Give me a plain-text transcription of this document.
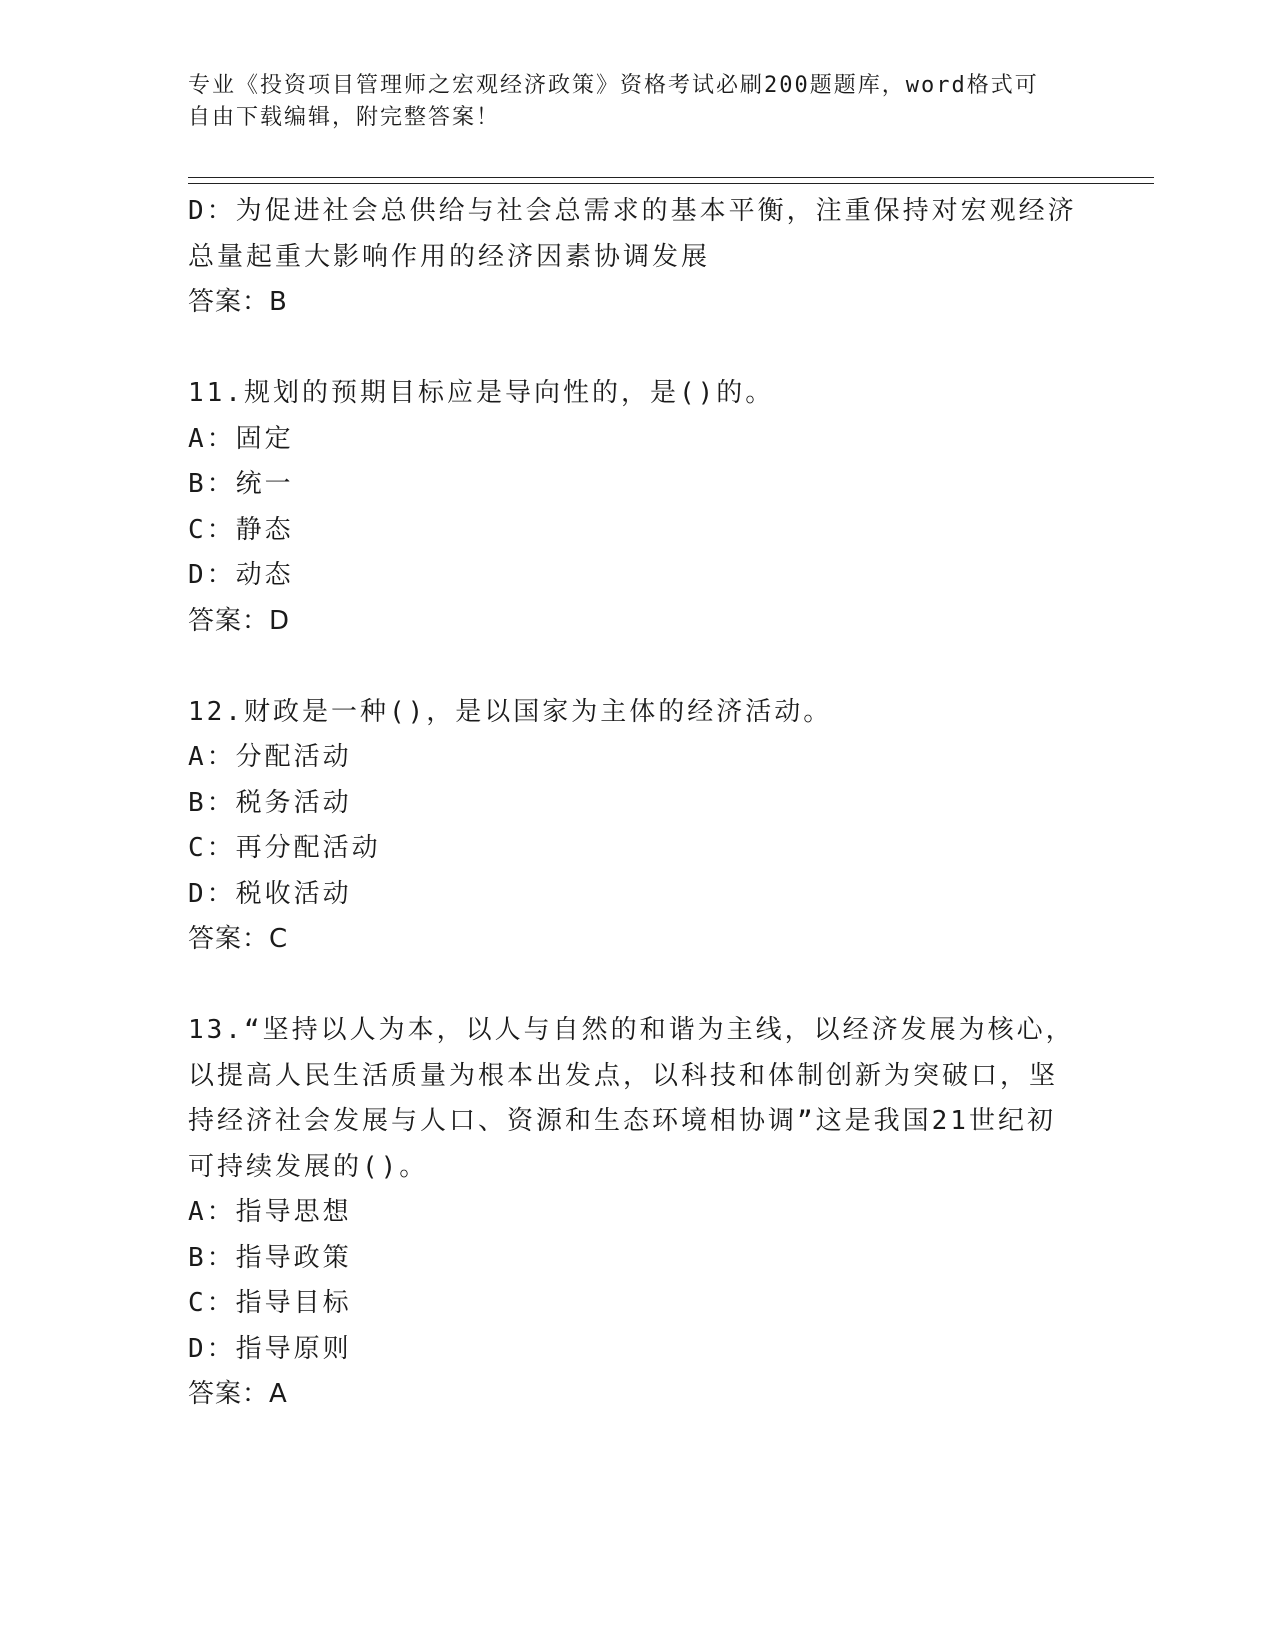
专业《投资项目管理师之宏观经济政策》资格考试必刷200题题库，word格式可
自由下载编辑，附完整答案！
D：为促进社会总供给与社会总需求的基本平衡，注重保持对宏观经济
总量起重大影响作用的经济因素协调发展
答案：B
11.规划的预期目标应是导向性的，是()的。
A：固定
B：统一
C：静态
D：动态
答案：D
12.财政是一种()，是以国家为主体的经济活动。
A：分配活动
B：税务活动
C：再分配活动
D：税收活动
答案：C
13.“坚持以人为本，以人与自然的和谐为主线，以经济发展为核心，
以提高人民生活质量为根本出发点，以科技和体制创新为突破口，坚
持经济社会发展与人口、资源和生态环境相协调”这是我国21世纪初
可持续发展的()。
A：指导思想
B：指导政策
C：指导目标
D：指导原则
答案：A
